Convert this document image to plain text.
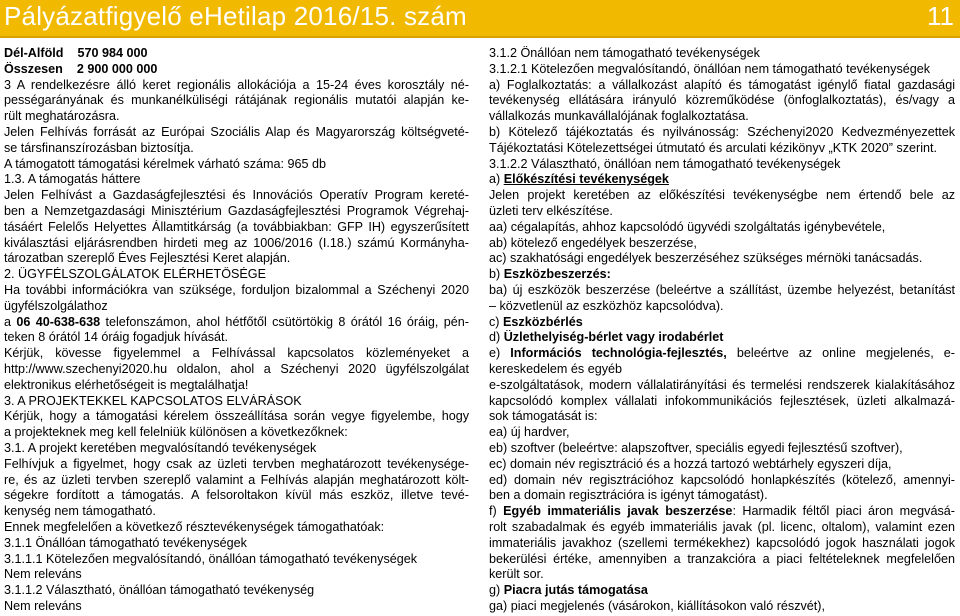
Pályázatfigyelő eHetilap 2016/15. szám	11
Dél-Alföld 570 984 000
Összesen 2 900 000 000
3 A rendelkezésre álló keret regionális allokációja a 15-24 éves korosztály né-
pességarányának és munkanélküliségi rátájának regionális mutatói alapján ke-
rült meghatározásra.
Jelen Felhívás forrását az Európai Szociális Alap és Magyarország költségveté-
se társfinanszírozásban biztosítja.
A támogatott támogatási kérelmek várható száma: 965 db
1.3. A támogatás háttere
Jelen Felhívást a Gazdaságfejlesztési és Innovációs Operatív Program kereté-
ben a Nemzetgazdasági Minisztérium Gazdaságfejlesztési Programok Végrehaj-
tásáért Felelős Helyettes Államtitkárság (a továbbiakban: GFP IH) egyszerűsített
kiválasztási eljárásrendben hirdeti meg az 1006/2016 (I.18.) számú Kormányha-
tározatban szereplő Éves Fejlesztési Keret alapján.
2. ÜGYFÉLSZOLGÁLATOK ELÉRHETŐSÉGE
Ha további információkra van szüksége, forduljon bizalommal a Széchenyi 2020
ügyfélszolgálathoz
a 06 40-638-638 telefonszámon, ahol hétfőtől csütörtökig 8 órától 16 óráig, pén-
teken 8 órától 14 óráig fogadjuk hívását.
Kérjük, kövesse figyelemmel a Felhívással kapcsolatos közleményeket a
http://www.szechenyi2020.hu oldalon, ahol a Széchenyi 2020 ügyfélszolgálat
elektronikus elérhetőségeit is megtalálhatja!
3. A PROJEKTEKKEL KAPCSOLATOS ELVÁRÁSOK
Kérjük, hogy a támogatási kérelem összeállítása során vegye figyelembe, hogy
a projekteknek meg kell felelniük különösen a következőknek:
3.1. A projekt keretében megvalósítandó tevékenységek
Felhívjuk a figyelmet, hogy csak az üzleti tervben meghatározott tevékenysége-
re, és az üzleti tervben szereplő valamint a Felhívás alapján meghatározott költ-
ségekre fordított a támogatás. A felsoroltakon kívül más eszköz, illetve tevé-
kenység nem támogatható.
Ennek megfelelően a következő résztevékenységek támogathatóak:
3.1.1 Önállóan támogatható tevékenységek
3.1.1.1 Kötelezően megvalósítandó, önállóan támogatható tevékenységek
Nem releváns
3.1.1.2 Választható, önállóan támogatható tevékenység
Nem releváns
3.1.2 Önállóan nem támogatható tevékenységek
3.1.2.1 Kötelezően megvalósítandó, önállóan nem támogatható tevékenységek
a) Foglalkoztatás: a vállalkozást alapító és támogatást igénylő fiatal gazdasági
tevékenység ellátására irányuló közreműködése (önfoglalkoztatás), és/vagy a
vállalkozás munkavállalójának foglalkoztatása.
b) Kötelező tájékoztatás és nyilvánosság: Széchenyi2020 Kedvezményezettek
Tájékoztatási Kötelezettségei útmutató és arculati kézikönyv „KTK 2020” szerint.
3.1.2.2 Választható, önállóan nem támogatható tevékenységek
a) Előkészítési tevékenységek
Jelen projekt keretében az előkészítési tevékenységbe nem értendő bele az
üzleti terv elkészítése.
aa) cégalapítás, ahhoz kapcsolódó ügyvédi szolgáltatás igénybevétele,
ab) kötelező engedélyek beszerzése,
ac) szakhatósági engedélyek beszerzéséhez szükséges mérnöki tanácsadás.
b) Eszközbeszerzés:
ba) új eszközök beszerzése (beleértve a szállítást, üzembe helyezést, betanítást
– közvetlenül az eszközhöz kapcsolódva).
c) Eszközbérlés
d) Üzlethelyiség-bérlet vagy irodabérlet
e) Információs technológia-fejlesztés, beleértve az online megjelenés, e-
kereskedelem és egyéb
e-szolgáltatások, modern vállalatirányítási és termelési rendszerek kialakításához
kapcsolódó komplex vállalati infokommunikációs fejlesztések, üzleti alkalmazá-
sok támogatását is:
ea) új hardver,
eb) szoftver (beleértve: alapszoftver, speciális egyedi fejlesztésű szoftver),
ec) domain név regisztráció és a hozzá tartozó webtárhely egyszeri díja,
ed) domain név regisztrációhoz kapcsolódó honlapkészítés (kötelező, amennyi-
ben a domain regisztrációra is igényt támogatást).
f) Egyéb immateriális javak beszerzése: Harmadik féltől piaci áron megvásá-
rolt szabadalmak és egyéb immateriális javak (pl. licenc, oltalom), valamint ezen
immateriális javakhoz (szellemi termékekhez) kapcsolódó jogok használati jogok
bekerülési értéke, amennyiben a tranzakcióra a piaci feltételeknek megfelelően
került sor.
g) Piacra jutás támogatása
ga) piaci megjelenés (vásárokon, kiállításokon való részvét),
